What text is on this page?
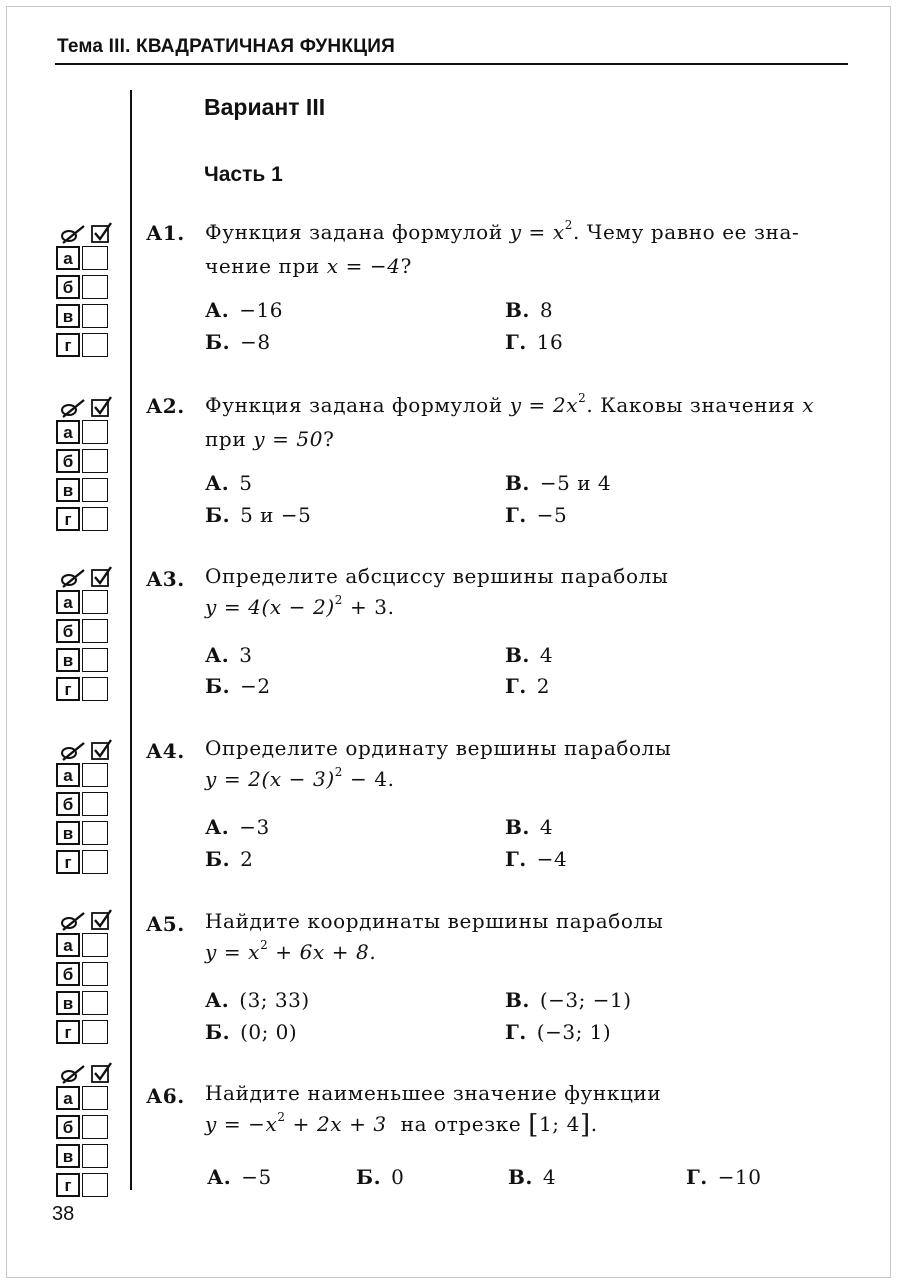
Тема III. КВАДРАТИЧНАЯ ФУНКЦИЯ
Вариант III
Часть 1
А1. Функция задана формулой $y = x^2$. Чему равно ее зна-
чение при x = −4?
А. −16	В. 8
Б. −8	Г. 16
А2. Функция задана формулой $y = 2x^2$. Каковы значения x
при y = 50?
А. 5	В. −5 и 4
Б. 5 и −5	Г. −5
А3. Определите абсциссу вершины параболы
$y = 4(x - 2)^2 + 3$.
А. 3	В. 4
Б. −2	Г. 2
А4. Определите ординату вершины параболы
$y = 2(x - 3)^2 - 4$.
А. −3	В. 4
Б. 2	Г. −4
А5. Найдите координаты вершины параболы
$y = x^2 + 6x + 8$.
А. (3; 33)	В. (−3; −1)
Б. (0; 0)	Г. (−3; 1)
А6. Найдите наименьшее значение функции
$y = -x^2 + 2x + 3$  на отрезке [1; 4].
А. −5	Б. 0	В. 4	Г. −10
38
а
б
в
г
а
б
в
г
а
б
в
г
а
б
в
г
а
б
в
г
а
б
в
г
